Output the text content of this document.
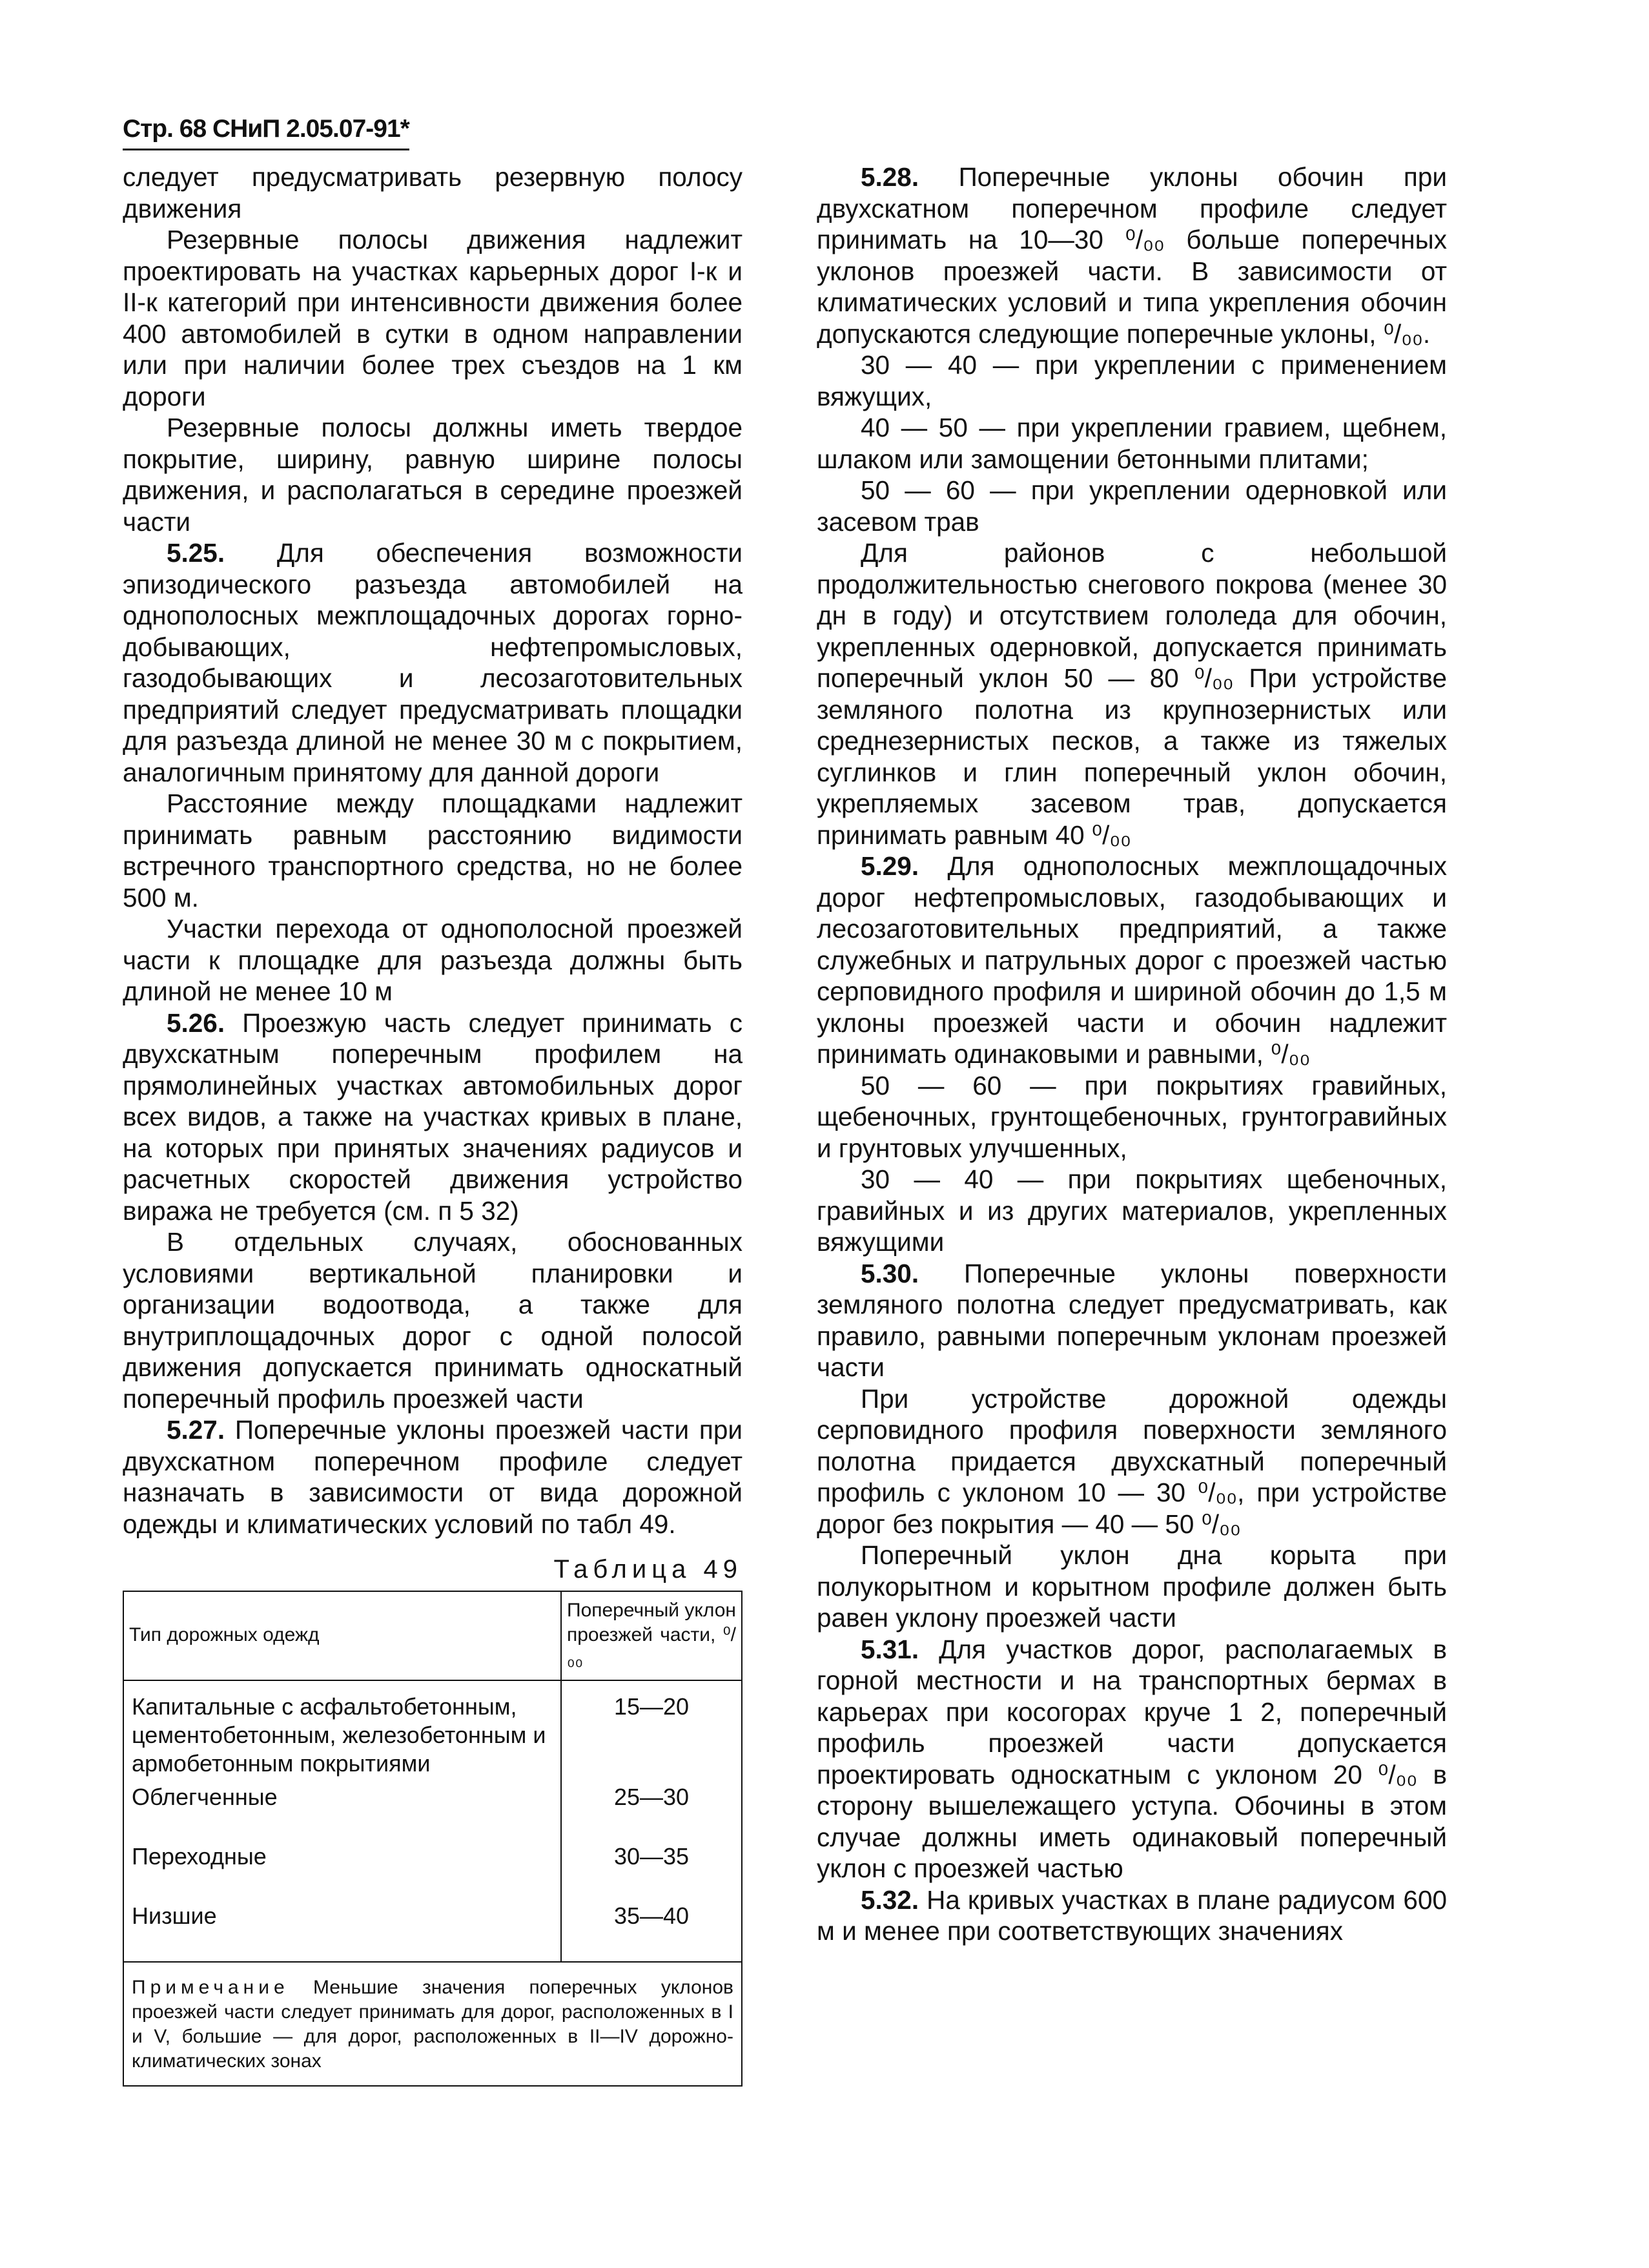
Стр. 68 СНиП 2.05.07-91*

следует предусматривать резервную полосу движения

Резервные полосы движения надлежит проектировать на участках карьерных дорог I-к и II-к категорий при интенсивности движения более 400 автомобилей в сутки в одном направлении или при наличии более трех съездов на 1 км дороги

Резервные полосы должны иметь твердое покрытие, ширину, равную ширине полосы движения, и располагаться в середине проезжей части

5.25. Для обеспечения возможности эпизодического разъезда автомобилей на однополосных межплощадочных дорогах горно-добывающих, нефтепромысловых, газодобывающих и лесозаготовительных предприятий следует предусматривать площадки для разъезда длиной не менее 30 м с покрытием, аналогичным принятому для данной дороги

Расстояние между площадками надлежит принимать равным расстоянию видимости встречного транспортного средства, но не более 500 м.

Участки перехода от однополосной проезжей части к площадке для разъезда должны быть длиной не менее 10 м

5.26. Проезжую часть следует принимать с двухскатным поперечным профилем на прямолинейных участках автомобильных дорог всех видов, а также на участках кривых в плане, на которых при принятых значениях радиусов и расчетных скоростей движения устройство виража не требуется (см. п 5 32)

В отдельных случаях, обоснованных условиями вертикальной планировки и организации водоотвода, а также для внутриплощадочных дорог с одной полосой движения допускается принимать односкатный поперечный профиль проезжей части

5.27. Поперечные уклоны проезжей части при двухскатном поперечном профиле следует назначать в зависимости от вида дорожной одежды и климатических условий по табл 49.

Таблица 49
Тип дорожных одежд	Поперечный уклон проезжей части, ⁰/₀₀
Капитальные с асфальтобетонным, цементобетонным, железобетонным и армобетонным покрытиями	15—20
Облегченные	25—30
Переходные	30—35
Низшие	35—40
Примечание Меньшие значения поперечных уклонов проезжей части следует принимать для дорог, расположенных в I и V, большие — для дорог, расположенных в II—IV дорожно-климатических зонах	

5.28. Поперечные уклоны обочин при двухскатном поперечном профиле следует принимать на 10—30 ⁰/₀₀ больше поперечных уклонов проезжей части. В зависимости от климатических условий и типа укрепления обочин допускаются следующие поперечные уклоны, ⁰/₀₀.

30 — 40 — при укреплении с применением вяжущих,

40 — 50 — при укреплении гравием, щебнем, шлаком или замощении бетонными плитами;

50 — 60 — при укреплении одерновкой или засевом трав

Для районов с небольшой продолжительностью снегового покрова (менее 30 дн в году) и отсутствием гололеда для обочин, укрепленных одерновкой, допускается принимать поперечный уклон 50 — 80 ⁰/₀₀ При устройстве земляного полотна из крупнозернистых или среднезернистых песков, а также из тяжелых суглинков и глин поперечный уклон обочин, укрепляемых засевом трав, допускается принимать равным 40 ⁰/₀₀

5.29. Для однополосных межплощадочных дорог нефтепромысловых, газодобывающих и лесозаготовительных предприятий, а также служебных и патрульных дорог с проезжей частью серповидного профиля и шириной обочин до 1,5 м уклоны проезжей части и обочин надлежит принимать одинаковыми и равными, ⁰/₀₀

50 — 60 — при покрытиях гравийных, щебеночных, грунтощебеночных, грунтогравийных и грунтовых улучшенных,

30 — 40 — при покрытиях щебеночных, гравийных и из других материалов, укрепленных вяжущими

5.30. Поперечные уклоны поверхности земляного полотна следует предусматривать, как правило, равными поперечным уклонам проезжей части

При устройстве дорожной одежды серповидного профиля поверхности земляного полотна придается двухскатный поперечный профиль с уклоном 10 — 30 ⁰/₀₀, при устройстве дорог без покрытия — 40 — 50 ⁰/₀₀

Поперечный уклон дна корыта при полукорытном и корытном профиле должен быть равен уклону проезжей части

5.31. Для участков дорог, располагаемых в горной местности и на транспортных бермах в карьерах при косогорах круче 1 2, поперечный профиль проезжей части допускается проектировать односкатным с уклоном 20 ⁰/₀₀ в сторону вышележащего уступа. Обочины в этом случае должны иметь одинаковый поперечный уклон с проезжей частью

5.32. На кривых участках в плане радиусом 600 м и менее при соответствующих значениях
